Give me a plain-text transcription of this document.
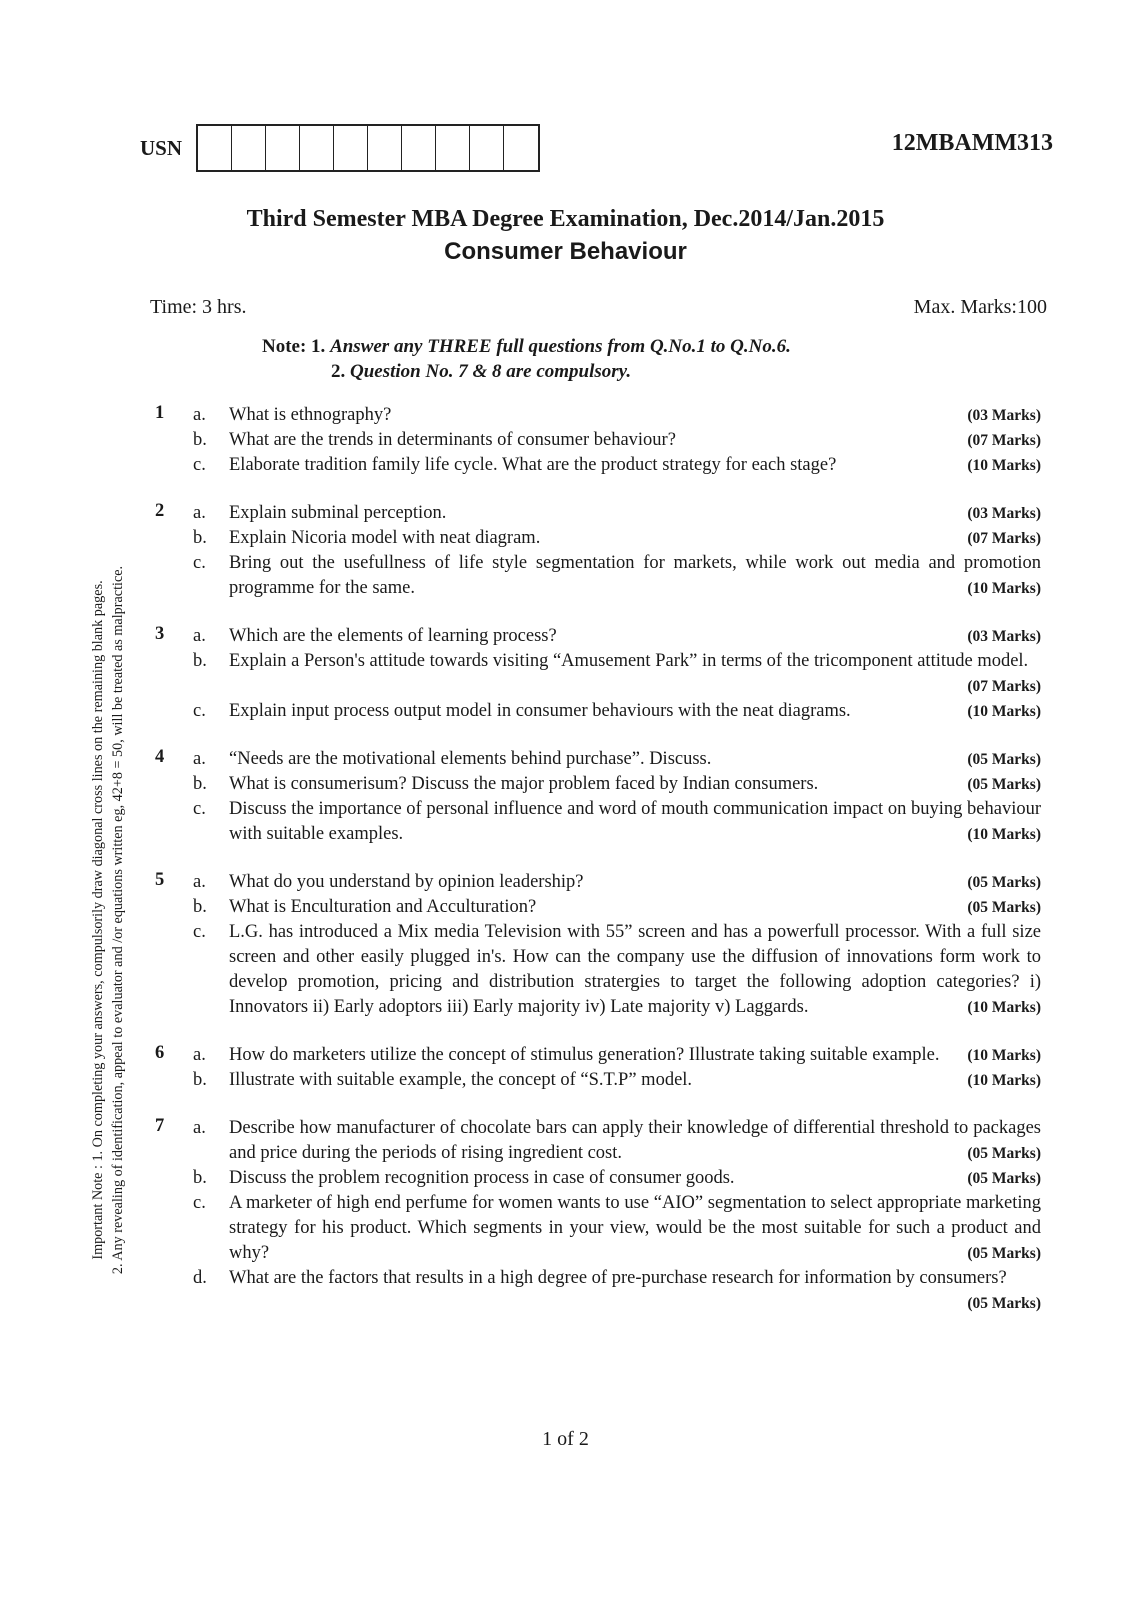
USN	12MBAMM313
Third Semester MBA Degree Examination, Dec.2014/Jan.2015
Consumer Behaviour
Time: 3 hrs.	Max. Marks:100
Note: 1. Answer any THREE full questions from Q.No.1 to Q.No.6.
2. Question No. 7 & 8 are compulsory.
Important Note : 1. On completing your answers, compulsorily draw diagonal cross lines on the remaining blank pages. 2. Any revealing of identification, appeal to evaluator and /or equations written eg, 42+8 = 50, will be treated as malpractice.
1	a.	What is ethnography?	(03 Marks)
b.	What are the trends in determinants of consumer behaviour?	(07 Marks)
c.	Elaborate tradition family life cycle. What are the product strategy for each stage?	(10 Marks)
2	a.	Explain subminal perception.	(03 Marks)
b.	Explain Nicoria model with neat diagram.	(07 Marks)
c.	Bring out the usefullness of life style segmentation for markets, while work out media and promotion programme for the same.	(10 Marks)
3	a.	Which are the elements of learning process?	(03 Marks)
b.	Explain a Person's attitude towards visiting “Amusement Park” in terms of the tricomponent attitude model.
(07 Marks)
c.	Explain input process output model in consumer behaviours with the neat diagrams.	(10 Marks)
4	a.	“Needs are the motivational elements behind purchase”. Discuss.	(05 Marks)
b.	What is consumerisum? Discuss the major problem faced by Indian consumers.	(05 Marks)
c.	Discuss the importance of personal influence and word of mouth communication impact on buying behaviour with suitable examples.	(10 Marks)
5	a.	What do you understand by opinion leadership?	(05 Marks)
b.	What is Enculturation and Acculturation?	(05 Marks)
c.	L.G. has introduced a Mix media Television with 55” screen and has a powerfull processor. With a full size screen and other easily plugged in's. How can the company use the diffusion of innovations form work to develop promotion, pricing and distribution stratergies to target the following adoption categories? i) Innovators ii) Early adoptors iii) Early majority iv) Late majority v) Laggards.	(10 Marks)
6	a.	How do marketers utilize the concept of stimulus generation? Illustrate taking suitable example. (10 Marks)
b.	Illustrate with suitable example, the concept of “S.T.P” model.	(10 Marks)
7	a.	Describe how manufacturer of chocolate bars can apply their knowledge of differential threshold to packages and price during the periods of rising ingredient cost.	(05 Marks)
b.	Discuss the problem recognition process in case of consumer goods.	(05 Marks)
c.	A marketer of high end perfume for women wants to use “AIO” segmentation to select appropriate marketing strategy for his product. Which segments in your view, would be the most suitable for such a product and why?	(05 Marks)
d.	What are the factors that results in a high degree of pre-purchase research for information by consumers?
(05 Marks)
1 of 2
